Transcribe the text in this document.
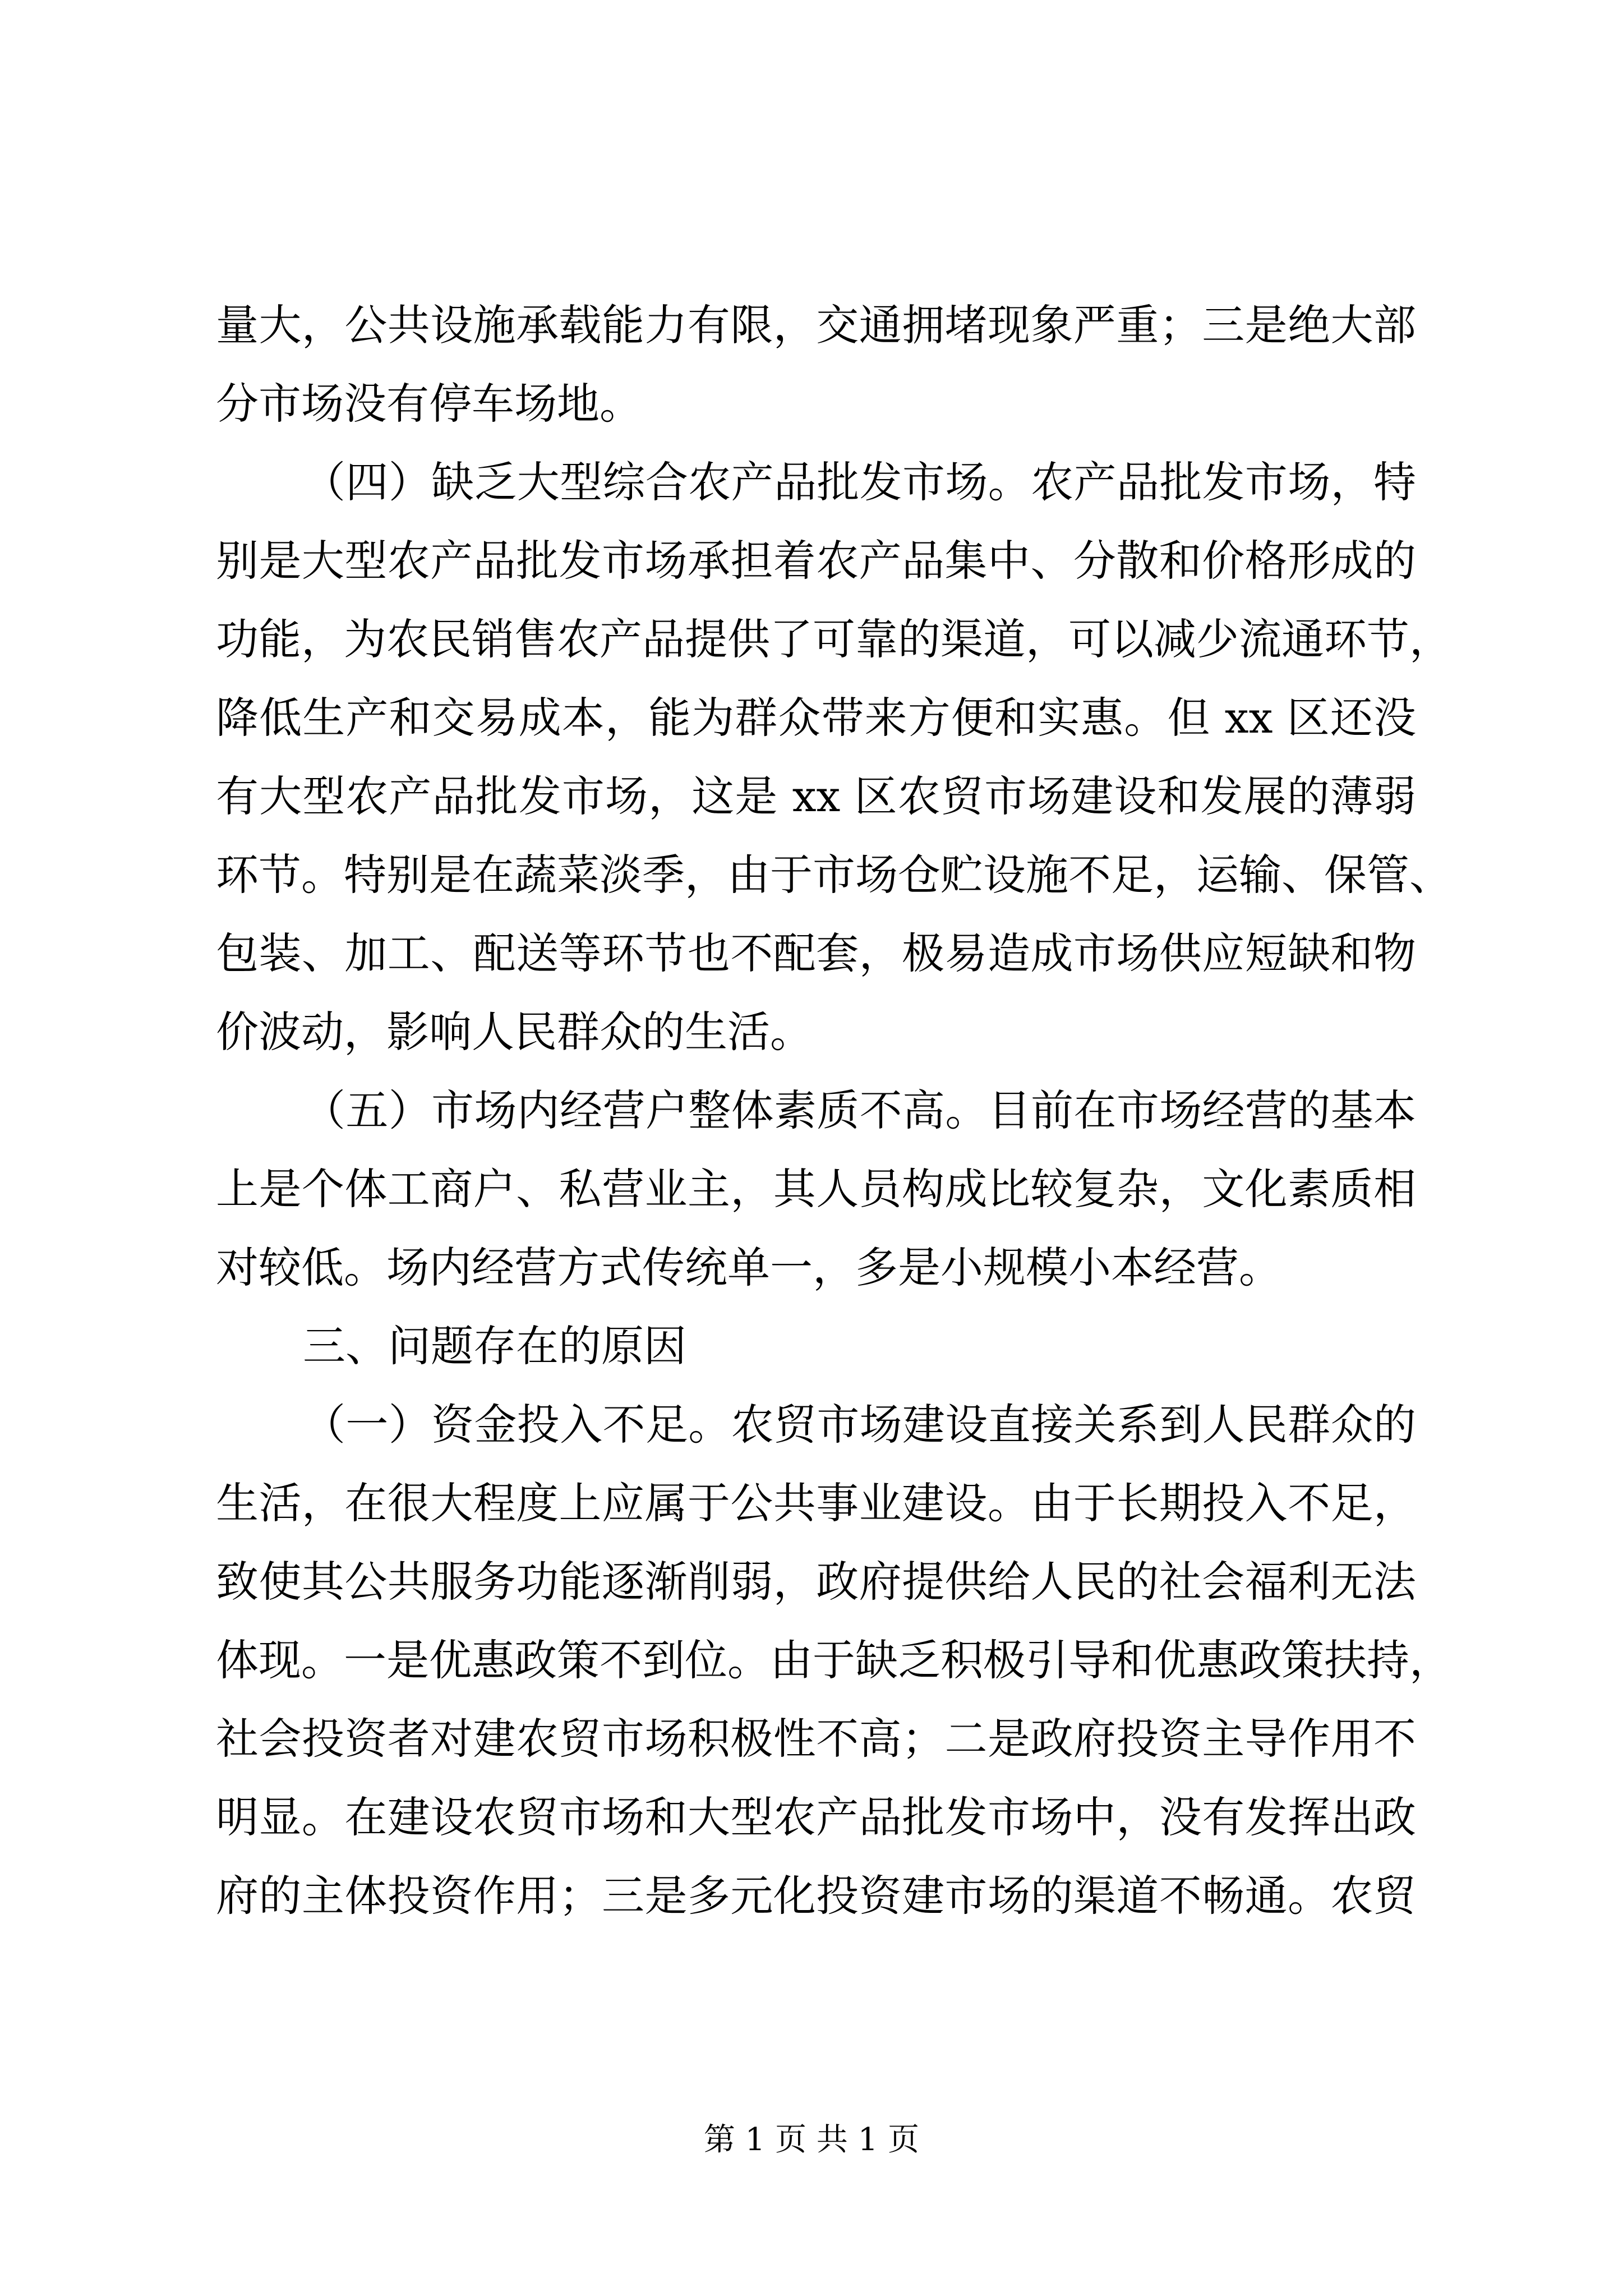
量大，公共设施承载能力有限，交通拥堵现象严重；三是绝大部
分市场没有停车场地。
（四）缺乏大型综合农产品批发市场。农产品批发市场，特
别是大型农产品批发市场承担着农产品集中、分散和价格形成的
功能，为农民销售农产品提供了可靠的渠道，可以减少流通环节，
降低生产和交易成本，能为群众带来方便和实惠。但 xx 区还没
有大型农产品批发市场，这是 xx 区农贸市场建设和发展的薄弱
环节。特别是在蔬菜淡季，由于市场仓贮设施不足，运输、保管、
包装、加工、配送等环节也不配套，极易造成市场供应短缺和物
价波动，影响人民群众的生活。
（五）市场内经营户整体素质不高。目前在市场经营的基本
上是个体工商户、私营业主，其人员构成比较复杂，文化素质相
对较低。场内经营方式传统单一，多是小规模小本经营。
三、问题存在的原因
（一）资金投入不足。农贸市场建设直接关系到人民群众的
生活，在很大程度上应属于公共事业建设。由于长期投入不足，
致使其公共服务功能逐渐削弱，政府提供给人民的社会福利无法
体现。一是优惠政策不到位。由于缺乏积极引导和优惠政策扶持，
社会投资者对建农贸市场积极性不高；二是政府投资主导作用不
明显。在建设农贸市场和大型农产品批发市场中，没有发挥出政
府的主体投资作用；三是多元化投资建市场的渠道不畅通。农贸
第 1 页 共 1 页
